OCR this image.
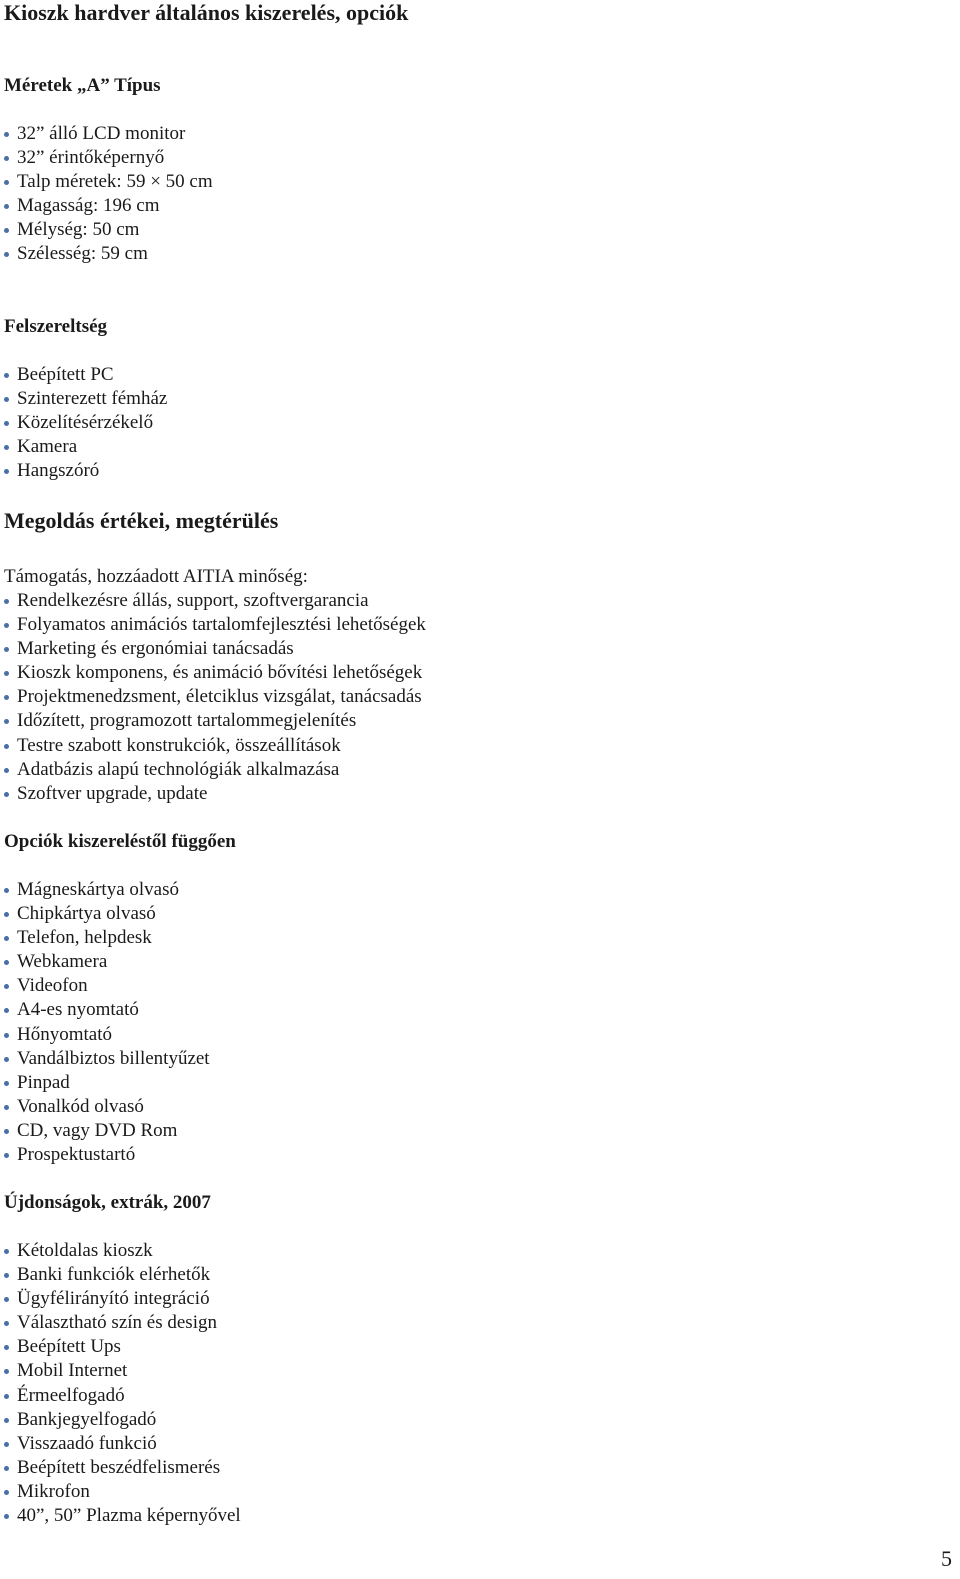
Kioszk hardver általános kiszerelés, opciók
Méretek „A” Típus
32” álló LCD monitor
32” érintőképernyő
Talp méretek: 59 × 50 cm
Magasság: 196 cm
Mélység: 50 cm
Szélesség: 59 cm
Felszereltség
Beépített PC
Szinterezett fémház
Közelítésérzékelő
Kamera
Hangszóró
Megoldás értékei, megtérülés

Támogatás, hozzáadott AITIA minőség:

Rendelkezésre állás, support, szoftvergarancia
Folyamatos animációs tartalomfejlesztési lehetőségek
Marketing és ergonómiai tanácsadás
Kioszk komponens, és animáció bővítési lehetőségek
Projektmenedzsment, életciklus vizsgálat, tanácsadás
Időzített, programozott tartalommegjelenítés
Testre szabott konstrukciók, összeállítások
Adatbázis alapú technológiák alkalmazása
Szoftver upgrade, update
Opciók kiszereléstől függően
Mágneskártya olvasó
Chipkártya olvasó
Telefon, helpdesk
Webkamera
Videofon
A4-es nyomtató
Hőnyomtató
Vandálbiztos billentyűzet
Pinpad
Vonalkód olvasó
CD, vagy DVD Rom
Prospektustartó
Újdonságok, extrák, 2007
Kétoldalas kioszk
Banki funkciók elérhetők
Ügyfélirányító integráció
Választható szín és design
Beépített Ups
Mobil Internet
Érmeelfogadó
Bankjegyelfogadó
Visszaadó funkció
Beépített beszédfelismerés
Mikrofon
40”, 50” Plazma képernyővel
5
